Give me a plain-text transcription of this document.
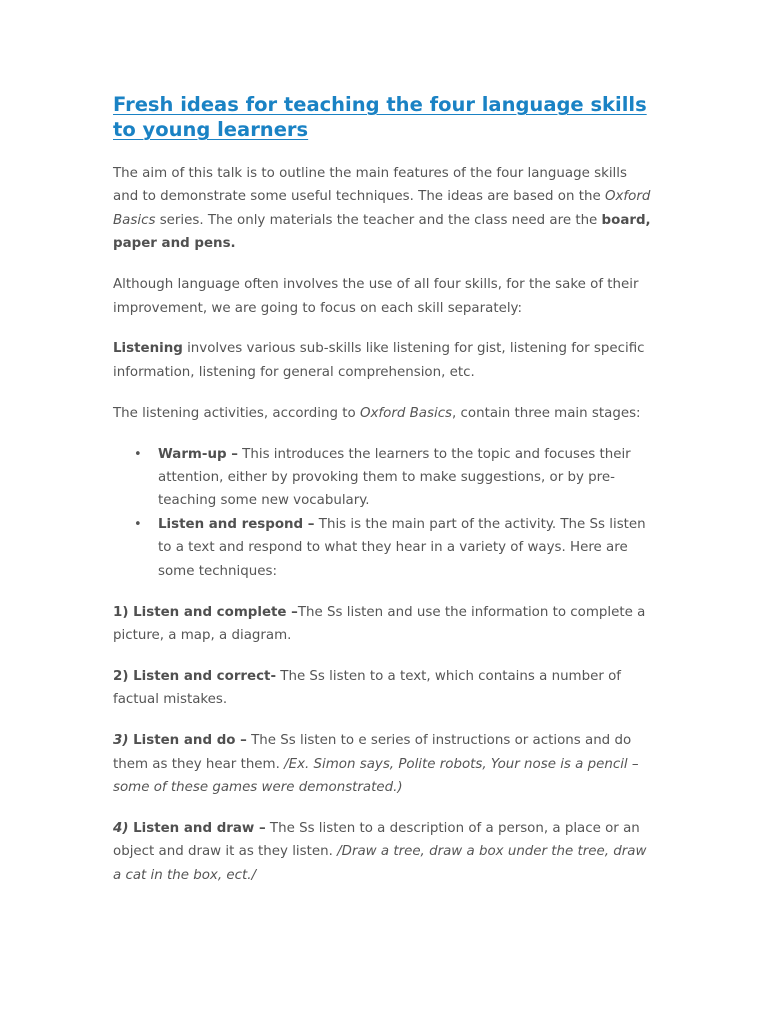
Fresh ideas for teaching the four language skills to young learners

The aim of this talk is to outline the main features of the four language skills and to demonstrate some useful techniques. The ideas are based on the Oxford Basics series. The only materials the teacher and the class need are the board, paper and pens.

Although language often involves the use of all four skills, for the sake of their improvement, we are going to focus on each skill separately:

Listening involves various sub-skills like listening for gist, listening for specific information, listening for general comprehension, etc.

The listening activities, according to Oxford Basics, contain three main stages:

• Warm-up – This introduces the learners to the topic and focuses their attention, either by provoking them to make suggestions, or by pre-teaching some new vocabulary.
• Listen and respond – This is the main part of the activity. The Ss listen to a text and respond to what they hear in a variety of ways. Here are some techniques:

1) Listen and complete –The Ss listen and use the information to complete a picture, a map, a diagram.

2) Listen and correct- The Ss listen to a text, which contains a number of factual mistakes.

3) Listen and do – The Ss listen to e series of instructions or actions and do them as they hear them. /Ex. Simon says, Polite robots, Your nose is a pencil – some of these games were demonstrated.)

4) Listen and draw – The Ss listen to a description of a person, a place or an object and draw it as they listen. /Draw a tree, draw a box under the tree, draw a cat in the box, ect./
